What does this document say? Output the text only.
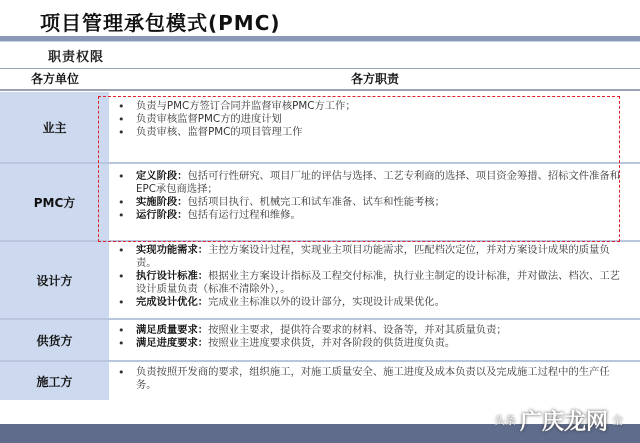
项目管理承包模式(PMC)
职责权限
各方单位	各方职责
业主
• 负责与PMC方签订合同并监督审核PMC方工作；
• 负责审核监督PMC方的进度计划
• 负责审核、监督PMC的项目管理工作
PMC方
• 定义阶段：包括可行性研究、项目厂址的评估与选择、工艺专利商的选择、项目资金筹措、招标文件准备和EPC承包商选择；
• 实施阶段：包括项目执行、机械完工和试车准备、试车和性能考核；
• 运行阶段：包括有运行过程和维修。
设计方
• 实现功能需求：主控方案设计过程，实现业主项目功能需求，匹配档次定位，并对方案设计成果的质量负责。
• 执行设计标准：根据业主方案设计指标及工程交付标准，执行业主制定的设计标准，并对做法、档次、工艺设计质量负责（标准不清除外），。
• 完成设计优化：完成业主标准以外的设计部分，实现设计成果优化。
供货方
• 满足质量要求：按照业主要求，提供符合要求的材料、设备等，并对其质量负责；
• 满足进度要求：按照业主进度要求供货，并对各阶段的供货进度负责。
施工方
• 负责按照开发商的要求，组织施工，对施工质量安全、施工进度及成本负责以及完成施工过程中的生产任务。
头条 广庆龙网 全
